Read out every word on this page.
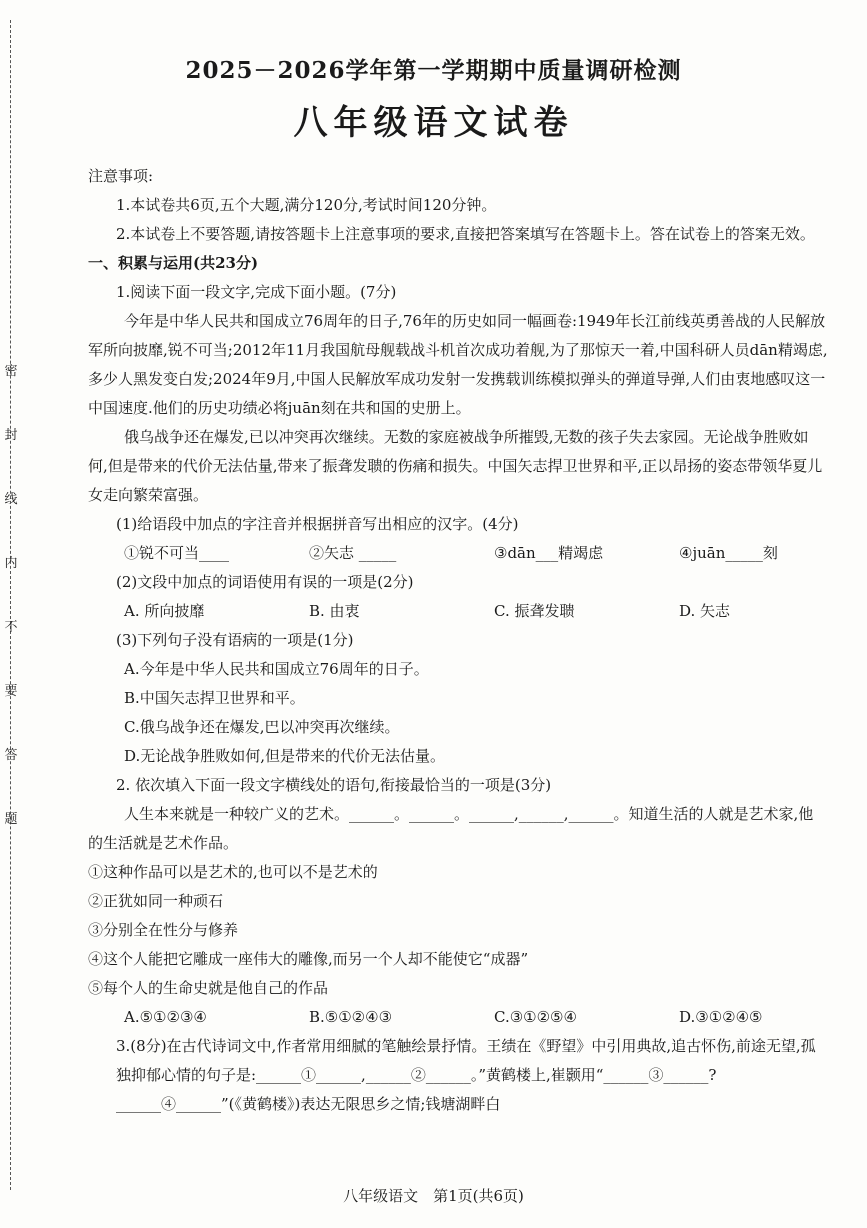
密 封 线 内 不 要 答 题
2025－2026学年第一学期期中质量调研检测
八年级语文试卷

注意事项:

1.本试卷共6页,五个大题,满分120分,考试时间120分钟。

2.本试卷上不要答题,请按答题卡上注意事项的要求,直接把答案填写在答题卡上。答在试卷上的答案无效。

一、积累与运用(共23分)

1.阅读下面一段文字,完成下面小题。(7分)

今年是中华人民共和国成立76周年的日子,76年的历史如同一幅画卷:1949年长江前线英勇善战的人民解放军所向披靡,锐不可当;2012年11月我国航母舰载战斗机首次成功着舰,为了那惊天一着,中国科研人员dān精竭虑,多少人黑发变白发;2024年9月,中国人民解放军成功发射一发携载训练模拟弹头的弹道导弹,人们由衷地感叹这一中国速度.他们的历史功绩必将juān刻在共和国的史册上。

俄乌战争还在爆发,已以冲突再次继续。无数的家庭被战争所摧毁,无数的孩子失去家园。无论战争胜败如何,但是带来的代价无法估量,带来了振聋发聩的伤痛和损失。中国矢志捍卫世界和平,正以昂扬的姿态带领华夏儿女走向繁荣富强。

(1)给语段中加点的字注音并根据拼音写出相应的汉字。(4分)

①锐不可当____	②矢志 _____	③dān___精竭虑	④juān_____刻

(2)文段中加点的词语使用有误的一项是(2分)

A. 所向披靡	B. 由衷	C. 振聋发聩	D. 矢志

(3)下列句子没有语病的一项是(1分)

A.今年是中华人民共和国成立76周年的日子。

B.中国矢志捍卫世界和平。

C.俄乌战争还在爆发,巴以冲突再次继续。

D.无论战争胜败如何,但是带来的代价无法估量。

2. 依次填入下面一段文字横线处的语句,衔接最恰当的一项是(3分)

人生本来就是一种较广义的艺术。______。______。______,______,______。知道生活的人就是艺术家,他的生活就是艺术作品。

①这种作品可以是艺术的,也可以不是艺术的

②正犹如同一种顽石

③分别全在性分与修养

④这个人能把它雕成一座伟大的雕像,而另一个人却不能使它“成器”

⑤每个人的生命史就是他自己的作品

A.⑤①②③④	B.⑤①②④③	C.③①②⑤④	D.③①②④⑤

3.(8分)在古代诗词文中,作者常用细腻的笔触绘景抒情。王绩在《野望》中引用典故,追古怀伤,前途无望,孤独抑郁心情的句子是:______①______,______②______。”黄鹤楼上,崔颢用“______③______?______④______”(《黄鹤楼》)表达无限思乡之情;钱塘湖畔白

八年级语文　第1页(共6页)
